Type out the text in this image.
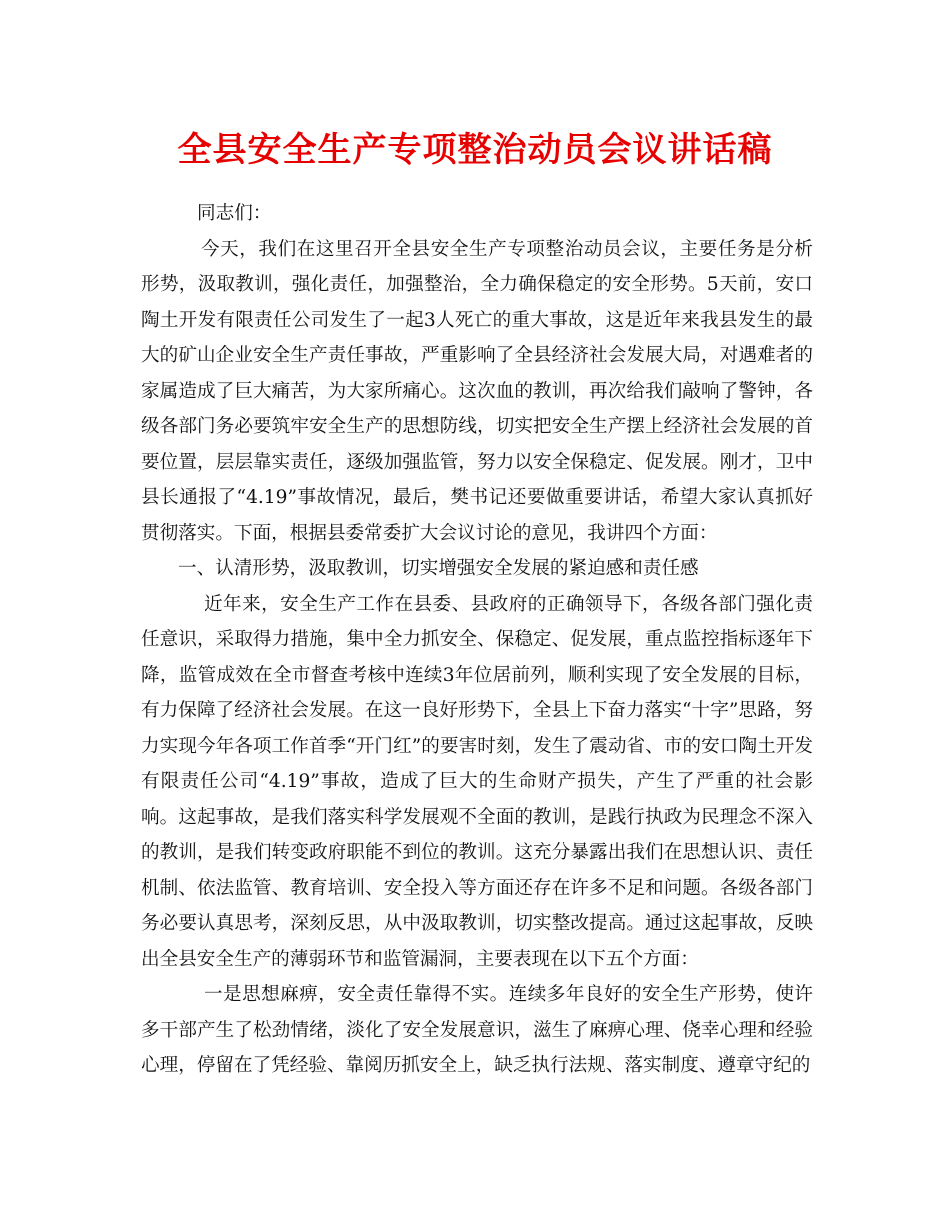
全县安全生产专项整治动员会议讲话稿

同志们：

今天，我们在这里召开全县安全生产专项整治动员会议，主要任务是分析形势，汲取教训，强化责任，加强整治，全力确保稳定的安全形势。5天前，安口陶土开发有限责任公司发生了一起3人死亡的重大事故，这是近年来我县发生的最大的矿山企业安全生产责任事故，严重影响了全县经济社会发展大局，对遇难者的家属造成了巨大痛苦，为大家所痛心。这次血的教训，再次给我们敲响了警钟，各级各部门务必要筑牢安全生产的思想防线，切实把安全生产摆上经济社会发展的首要位置，层层靠实责任，逐级加强监管，努力以安全保稳定、促发展。刚才，卫中县长通报了“4.19”事故情况，最后，樊书记还要做重要讲话，希望大家认真抓好贯彻落实。下面，根据县委常委扩大会议讨论的意见，我讲四个方面：

一、认清形势，汲取教训，切实增强安全发展的紧迫感和责任感

近年来，安全生产工作在县委、县政府的正确领导下，各级各部门强化责任意识，采取得力措施，集中全力抓安全、保稳定、促发展，重点监控指标逐年下降，监管成效在全市督查考核中连续3年位居前列，顺利实现了安全发展的目标，有力保障了经济社会发展。在这一良好形势下，全县上下奋力落实“十字”思路，努力实现今年各项工作首季“开门红”的要害时刻，发生了震动省、市的安口陶土开发有限责任公司“4.19”事故，造成了巨大的生命财产损失，产生了严重的社会影响。这起事故，是我们落实科学发展观不全面的教训，是践行执政为民理念不深入的教训，是我们转变政府职能不到位的教训。这充分暴露出我们在思想认识、责任机制、依法监管、教育培训、安全投入等方面还存在许多不足和问题。各级各部门务必要认真思考，深刻反思，从中汲取教训，切实整改提高。通过这起事故，反映出全县安全生产的薄弱环节和监管漏洞，主要表现在以下五个方面：

一是思想麻痹，安全责任靠得不实。连续多年良好的安全生产形势，使许多干部产生了松劲情绪，淡化了安全发展意识，滋生了麻痹心理、侥幸心理和经验心理，停留在了凭经验、靠阅历抓安全上，缺乏执行法规、落实制度、遵章守纪的
